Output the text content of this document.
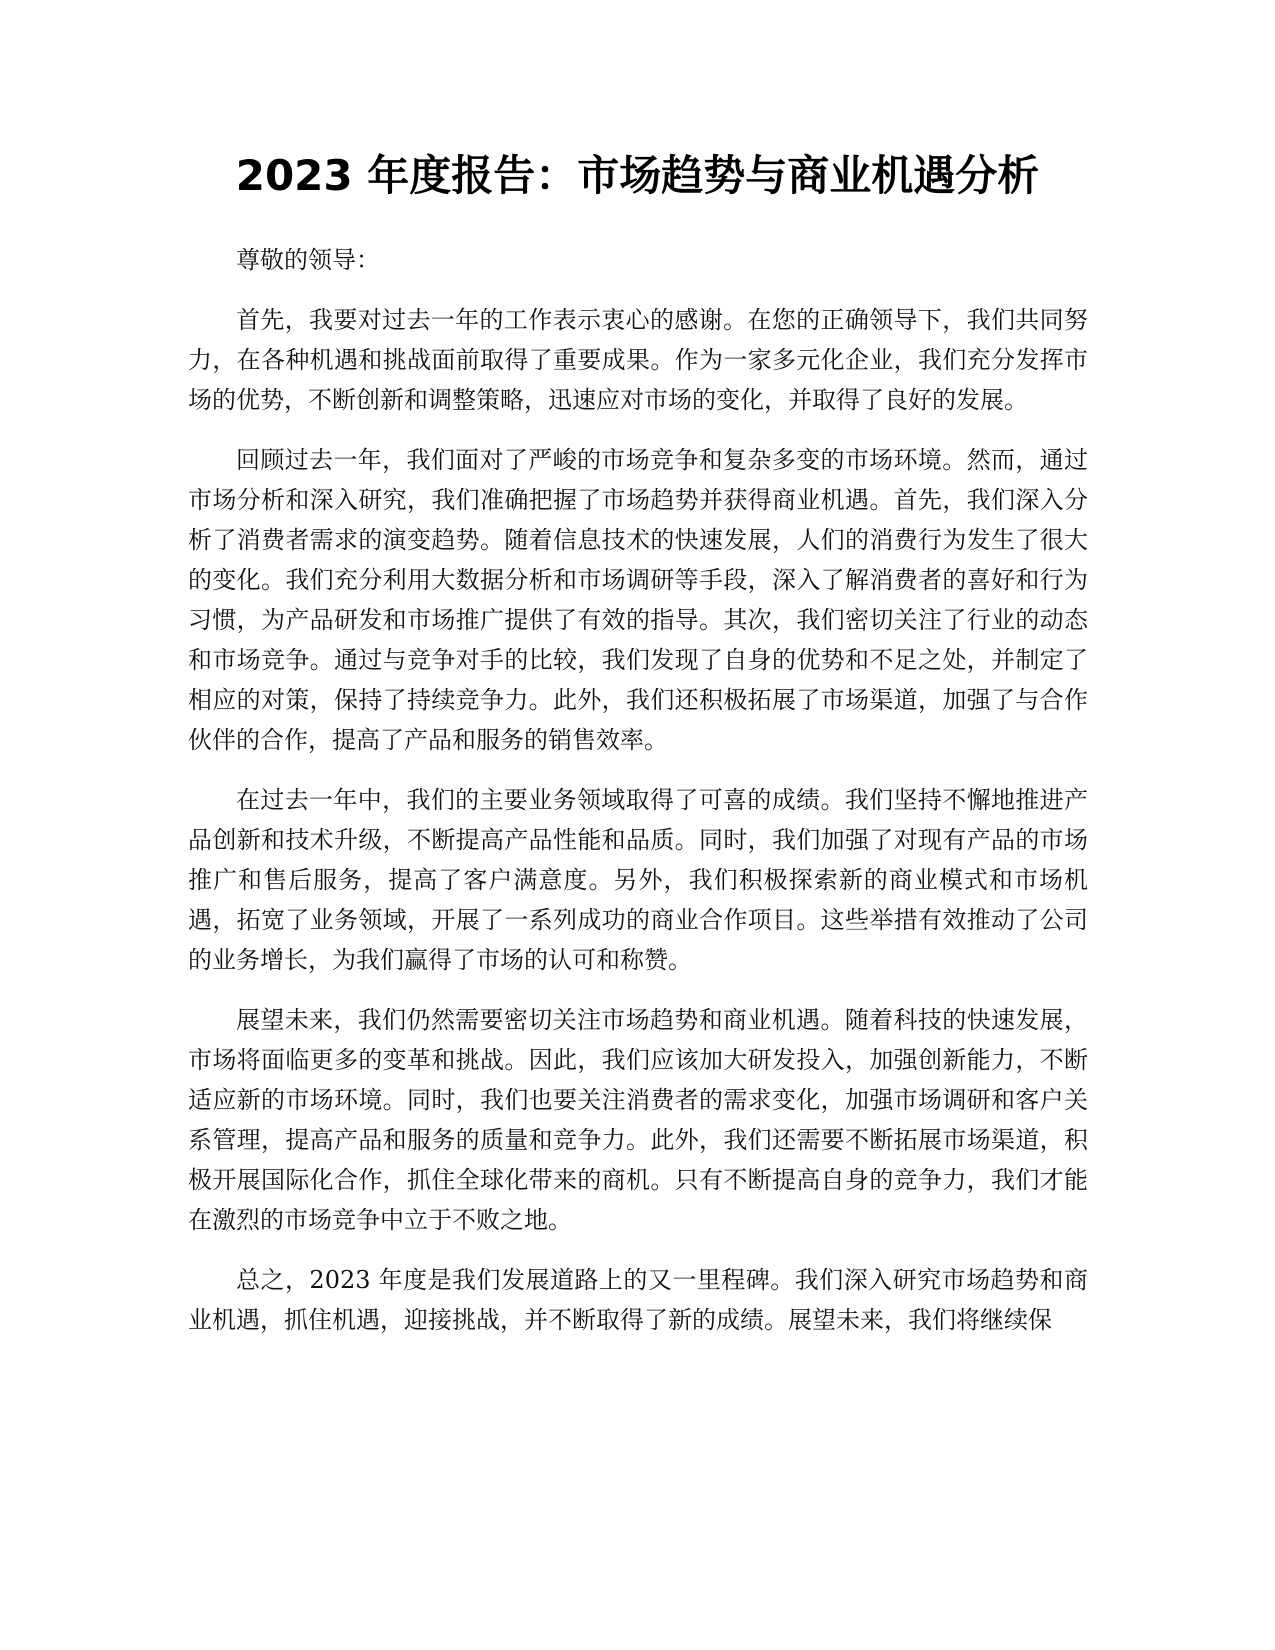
2023 年度报告：市场趋势与商业机遇分析

尊敬的领导：

首先，我要对过去一年的工作表示衷心的感谢。在您的正确领导下，我们共同努力，在各种机遇和挑战面前取得了重要成果。作为一家多元化企业，我们充分发挥市场的优势，不断创新和调整策略，迅速应对市场的变化，并取得了良好的发展。

回顾过去一年，我们面对了严峻的市场竞争和复杂多变的市场环境。然而，通过市场分析和深入研究，我们准确把握了市场趋势并获得商业机遇。首先，我们深入分析了消费者需求的演变趋势。随着信息技术的快速发展，人们的消费行为发生了很大的变化。我们充分利用大数据分析和市场调研等手段，深入了解消费者的喜好和行为习惯，为产品研发和市场推广提供了有效的指导。其次，我们密切关注了行业的动态和市场竞争。通过与竞争对手的比较，我们发现了自身的优势和不足之处，并制定了相应的对策，保持了持续竞争力。此外，我们还积极拓展了市场渠道，加强了与合作伙伴的合作，提高了产品和服务的销售效率。

在过去一年中，我们的主要业务领域取得了可喜的成绩。我们坚持不懈地推进产品创新和技术升级，不断提高产品性能和品质。同时，我们加强了对现有产品的市场推广和售后服务，提高了客户满意度。另外，我们积极探索新的商业模式和市场机遇，拓宽了业务领域，开展了一系列成功的商业合作项目。这些举措有效推动了公司的业务增长，为我们赢得了市场的认可和称赞。

展望未来，我们仍然需要密切关注市场趋势和商业机遇。随着科技的快速发展，市场将面临更多的变革和挑战。因此，我们应该加大研发投入，加强创新能力，不断适应新的市场环境。同时，我们也要关注消费者的需求变化，加强市场调研和客户关系管理，提高产品和服务的质量和竞争力。此外，我们还需要不断拓展市场渠道，积极开展国际化合作，抓住全球化带来的商机。只有不断提高自身的竞争力，我们才能在激烈的市场竞争中立于不败之地。

总之，2023 年度是我们发展道路上的又一里程碑。我们深入研究市场趋势和商业机遇，抓住机遇，迎接挑战，并不断取得了新的成绩。展望未来，我们将继续保
